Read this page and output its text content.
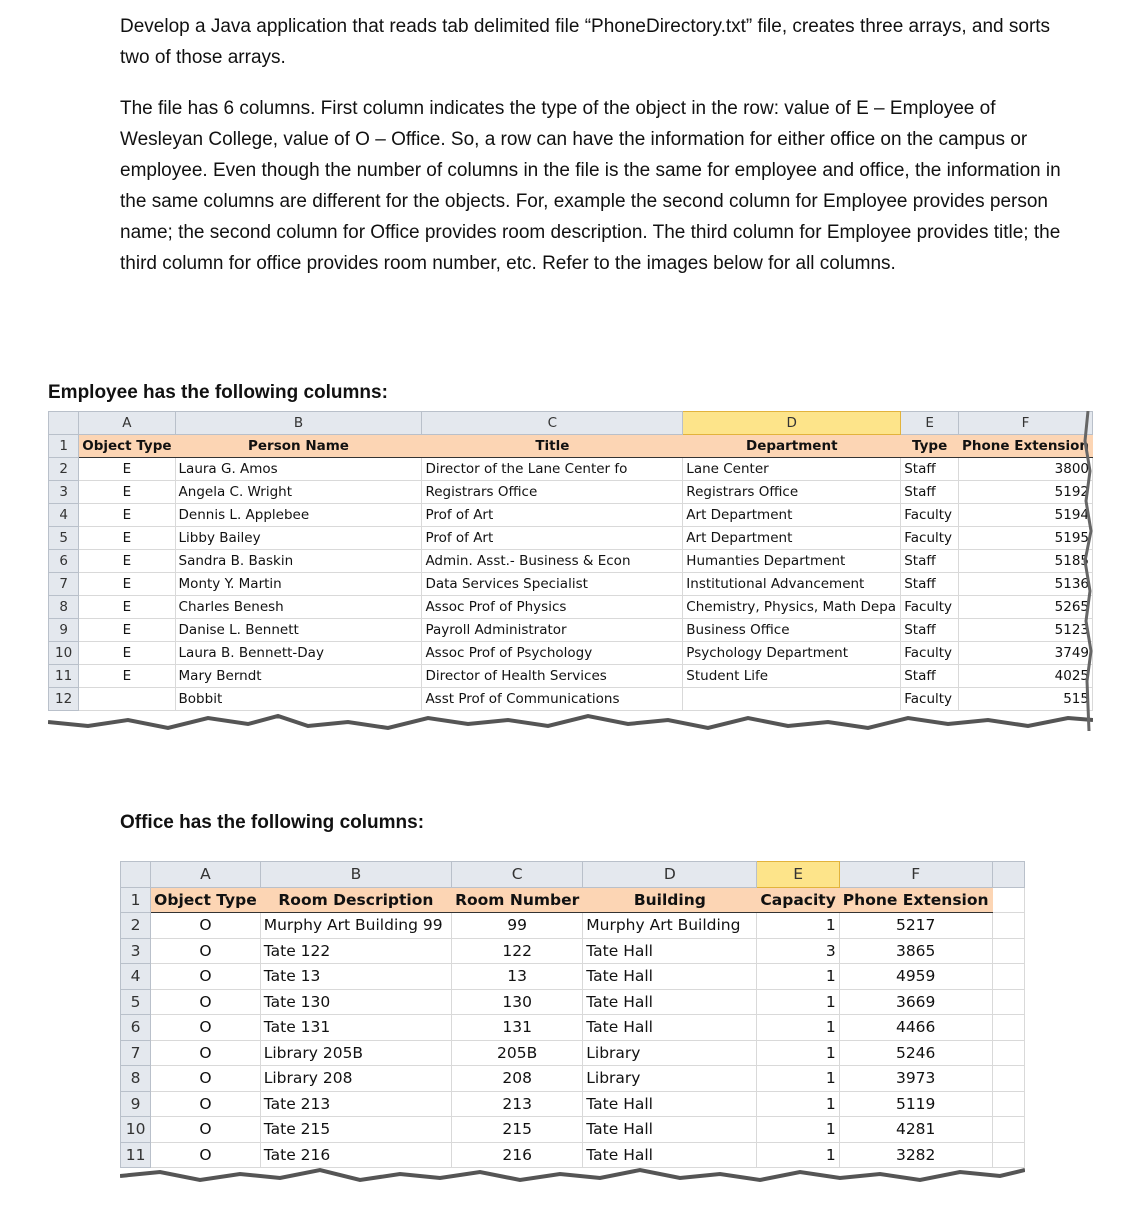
Develop a Java application that reads tab delimited file “PhoneDirectory.txt” file, creates three arrays, and sorts two of those arrays.

The file has 6 columns. First column indicates the type of the object in the row: value of E – Employee of Wesleyan College, value of O – Office. So, a row can have the information for either office on the campus or employee. Even though the number of columns in the file is the same for employee and office, the information in the same columns are different for the objects. For, example the second column for Employee provides person name; the second column for Office provides room description. The third column for Employee provides title; the third column for office provides room number, etc. Refer to the images below for all columns.

Employee has the following columns:
	A	B	C	D	E	F
1	Object Type	Person Name	Title	Department	Type	Phone Extension
2	E	Laura G. Amos	Director of the Lane Center fo	Lane Center	Staff	3800
3	E	Angela C. Wright	Registrars Office	Registrars Office	Staff	5192
4	E	Dennis L. Applebee	Prof of Art	Art Department	Faculty	5194
5	E	Libby Bailey	Prof of Art	Art Department	Faculty	5195
6	E	Sandra B. Baskin	Admin. Asst.- Business & Econ	Humanties Department	Staff	5185
7	E	Monty Y. Martin	Data Services Specialist	Institutional Advancement	Staff	5136
8	E	Charles Benesh	Assoc Prof of Physics	Chemistry, Physics, Math Depa	Faculty	5265
9	E	Danise L. Bennett	Payroll Administrator	Business Office	Staff	5123
10	E	Laura B. Bennett-Day	Assoc Prof of Psychology	Psychology Department	Faculty	3749
11	E	Mary Berndt	Director of Health Services	Student Life	Staff	4025
12		Bobbit	Asst Prof of Communications		Faculty	515
Office has the following columns:
	A	B	C	D	E	F	
1	Object Type	Room Description	Room Number	Building	Capacity	Phone Extension	
2	O	Murphy Art Building 99	99	Murphy Art Building	1	5217	
3	O	Tate 122	122	Tate Hall	3	3865	
4	O	Tate 13	13	Tate Hall	1	4959	
5	O	Tate 130	130	Tate Hall	1	3669	
6	O	Tate 131	131	Tate Hall	1	4466	
7	O	Library 205B	205B	Library	1	5246	
8	O	Library 208	208	Library	1	3973	
9	O	Tate 213	213	Tate Hall	1	5119	
10	O	Tate 215	215	Tate Hall	1	4281	
11	O	Tate 216	216	Tate Hall	1	3282	
